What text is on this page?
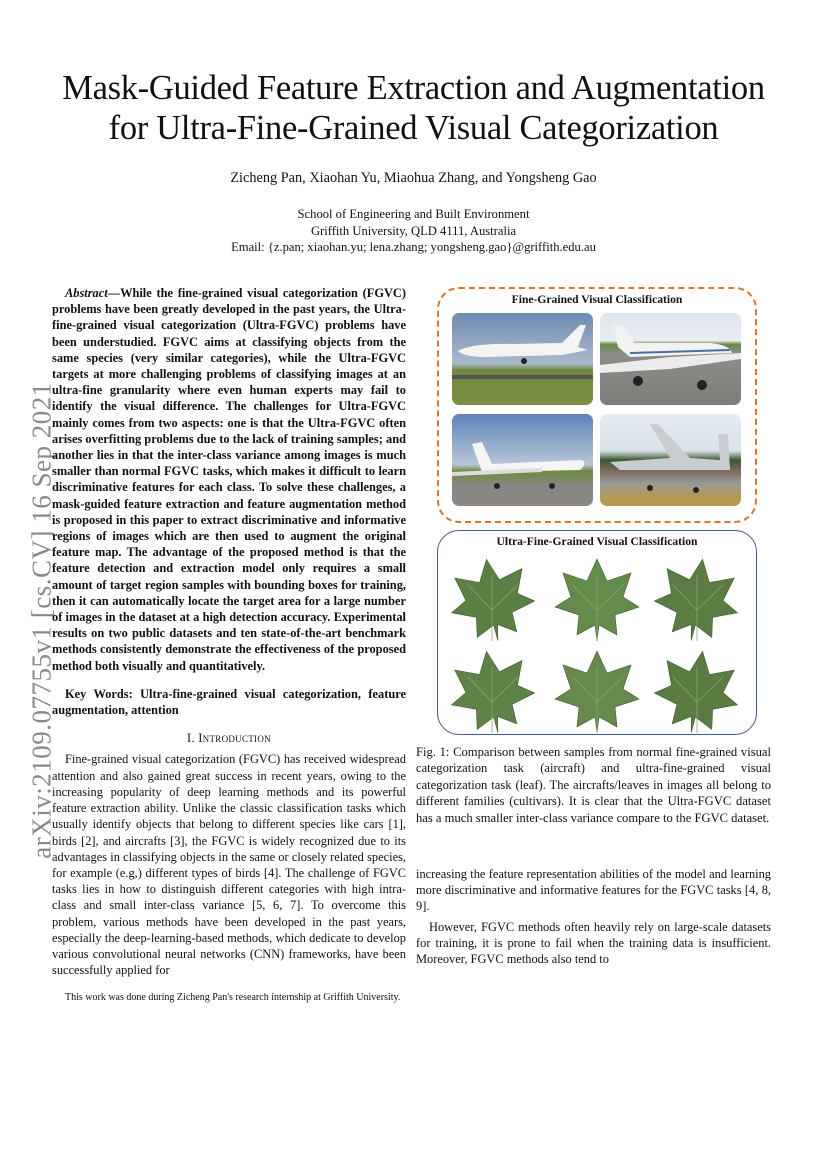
arXiv:2109.07755v1 [cs.CV] 16 Sep 2021
Mask-Guided Feature Extraction and Augmentation
for Ultra-Fine-Grained Visual Categorization
Zicheng Pan, Xiaohan Yu, Miaohua Zhang, and Yongsheng Gao
School of Engineering and Built Environment
Griffith University, QLD 4111, Australia
Email: {z.pan; xiaohan.yu; lena.zhang; yongsheng.gao}@griffith.edu.au

Abstract—While the fine-grained visual categorization (FGVC) problems have been greatly developed in the past years, the Ultra-fine-grained visual categorization (Ultra-FGVC) problems have been understudied. FGVC aims at classifying objects from the same species (very similar categories), while the Ultra-FGVC targets at more challenging problems of classifying images at an ultra-fine granularity where even human experts may fail to identify the visual difference. The challenges for Ultra-FGVC mainly comes from two aspects: one is that the Ultra-FGVC often arises overfitting problems due to the lack of training samples; and another lies in that the inter-class variance among images is much smaller than normal FGVC tasks, which makes it difficult to learn discriminative features for each class. To solve these challenges, a mask-guided feature extraction and feature augmentation method is proposed in this paper to extract discriminative and informative regions of images which are then used to augment the original feature map. The advantage of the proposed method is that the feature detection and extraction model only requires a small amount of target region samples with bounding boxes for training, then it can automatically locate the target area for a large number of images in the dataset at a high detection accuracy. Experimental results on two public datasets and ten state-of-the-art benchmark methods consistently demonstrate the effectiveness of the proposed method both visually and quantitatively.

Key Words: Ultra-fine-grained visual categorization, feature augmentation, attention

I. Introduction

Fine-grained visual categorization (FGVC) has received widespread attention and also gained great success in recent years, owing to the increasing popularity of deep learning methods and its powerful feature extraction ability. Unlike the classic classification tasks which usually identify objects that belong to different species like cars [1], birds [2], and aircrafts [3], the FGVC is widely recognized due to its advantages in classifying objects in the same or closely related species, for example (e.g,) different types of birds [4]. The challenge of FGVC tasks lies in how to distinguish different categories with high intra-class and small inter-class variance [5, 6, 7]. To overcome this problem, various methods have been developed in the past years, especially the deep-learning-based methods, which dedicate to develop various convolutional neural networks (CNN) frameworks, have been successfully applied for

This work was done during Zicheng Pan's research internship at Griffith University.
Fine-Grained Visual Classification
Ultra-Fine-Grained Visual Classification
Fig. 1: Comparison between samples from normal fine-grained visual categorization task (aircraft) and ultra-fine-grained visual categorization task (leaf). The aircrafts/leaves in images all belong to different families (cultivars). It is clear that the Ultra-FGVC dataset has a much smaller inter-class variance compare to the FGVC dataset.
increasing the feature representation abilities of the model and learning more discriminative and informative features for the FGVC tasks [4, 8, 9].

However, FGVC methods often heavily rely on large-scale datasets for training, it is prone to fail when the training data is insufficient. Moreover, FGVC methods also tend to
